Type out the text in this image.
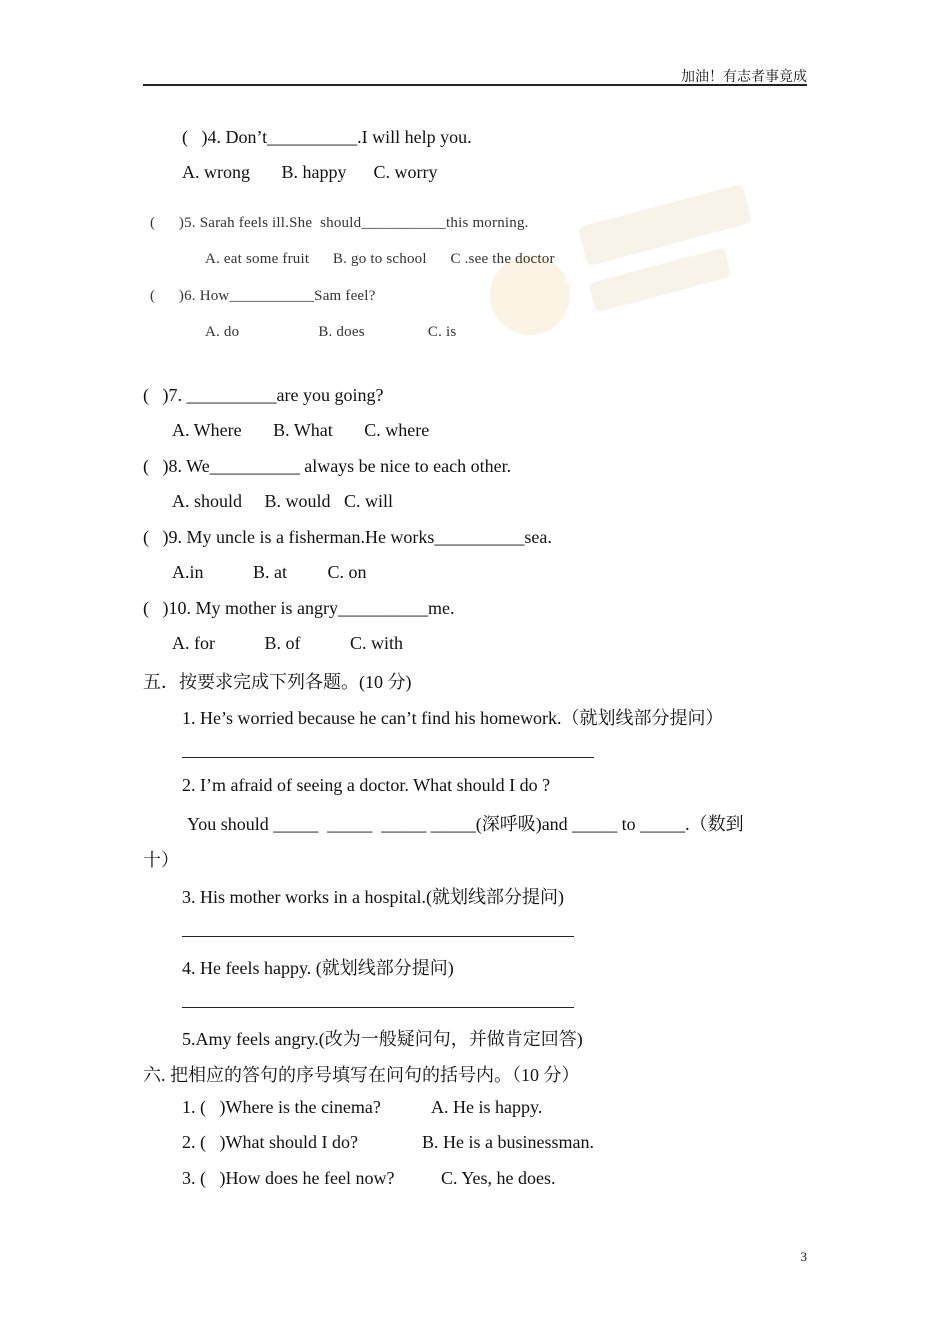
加油！有志者事竟成
(   )4. Don’t__________.I will help you.
A. wrong       B. happy      C. worry
(      )5. Sarah feels ill.She  should___________this morning.
A. eat some fruit      B. go to school      C .see the doctor
(      )6. How___________Sam feel?
A. do                    B. does                C. is
(   )7. __________are you going?
A. Where       B. What       C. where
(   )8. We__________ always be nice to each other.
A. should     B. would   C. will
(   )9. My uncle is a fisherman.He works__________sea.
A.in           B. at         C. on
(   )10. My mother is angry__________me.
A. for           B. of           C. with
五．按要求完成下列各题。(10 分)
1. He’s worried because he can’t find his homework.（就划线部分提问）
2. I’m afraid of seeing a doctor. What should I do ?
You should _____  _____  _____ _____(深呼吸)and _____ to _____.（数到
十）
3. His mother works in a hospital.(就划线部分提问)
4. He feels happy. (就划线部分提问)
5.Amy feels angry.(改为一般疑问句，并做肯定回答)
六. 把相应的答句的序号填写在问句的括号内。（10 分）
1. (   )Where is the cinema?	A. He is happy.
2. (   )What should I do?	B. He is a businessman.
3. (   )How does he feel now?	C. Yes, he does.
3
